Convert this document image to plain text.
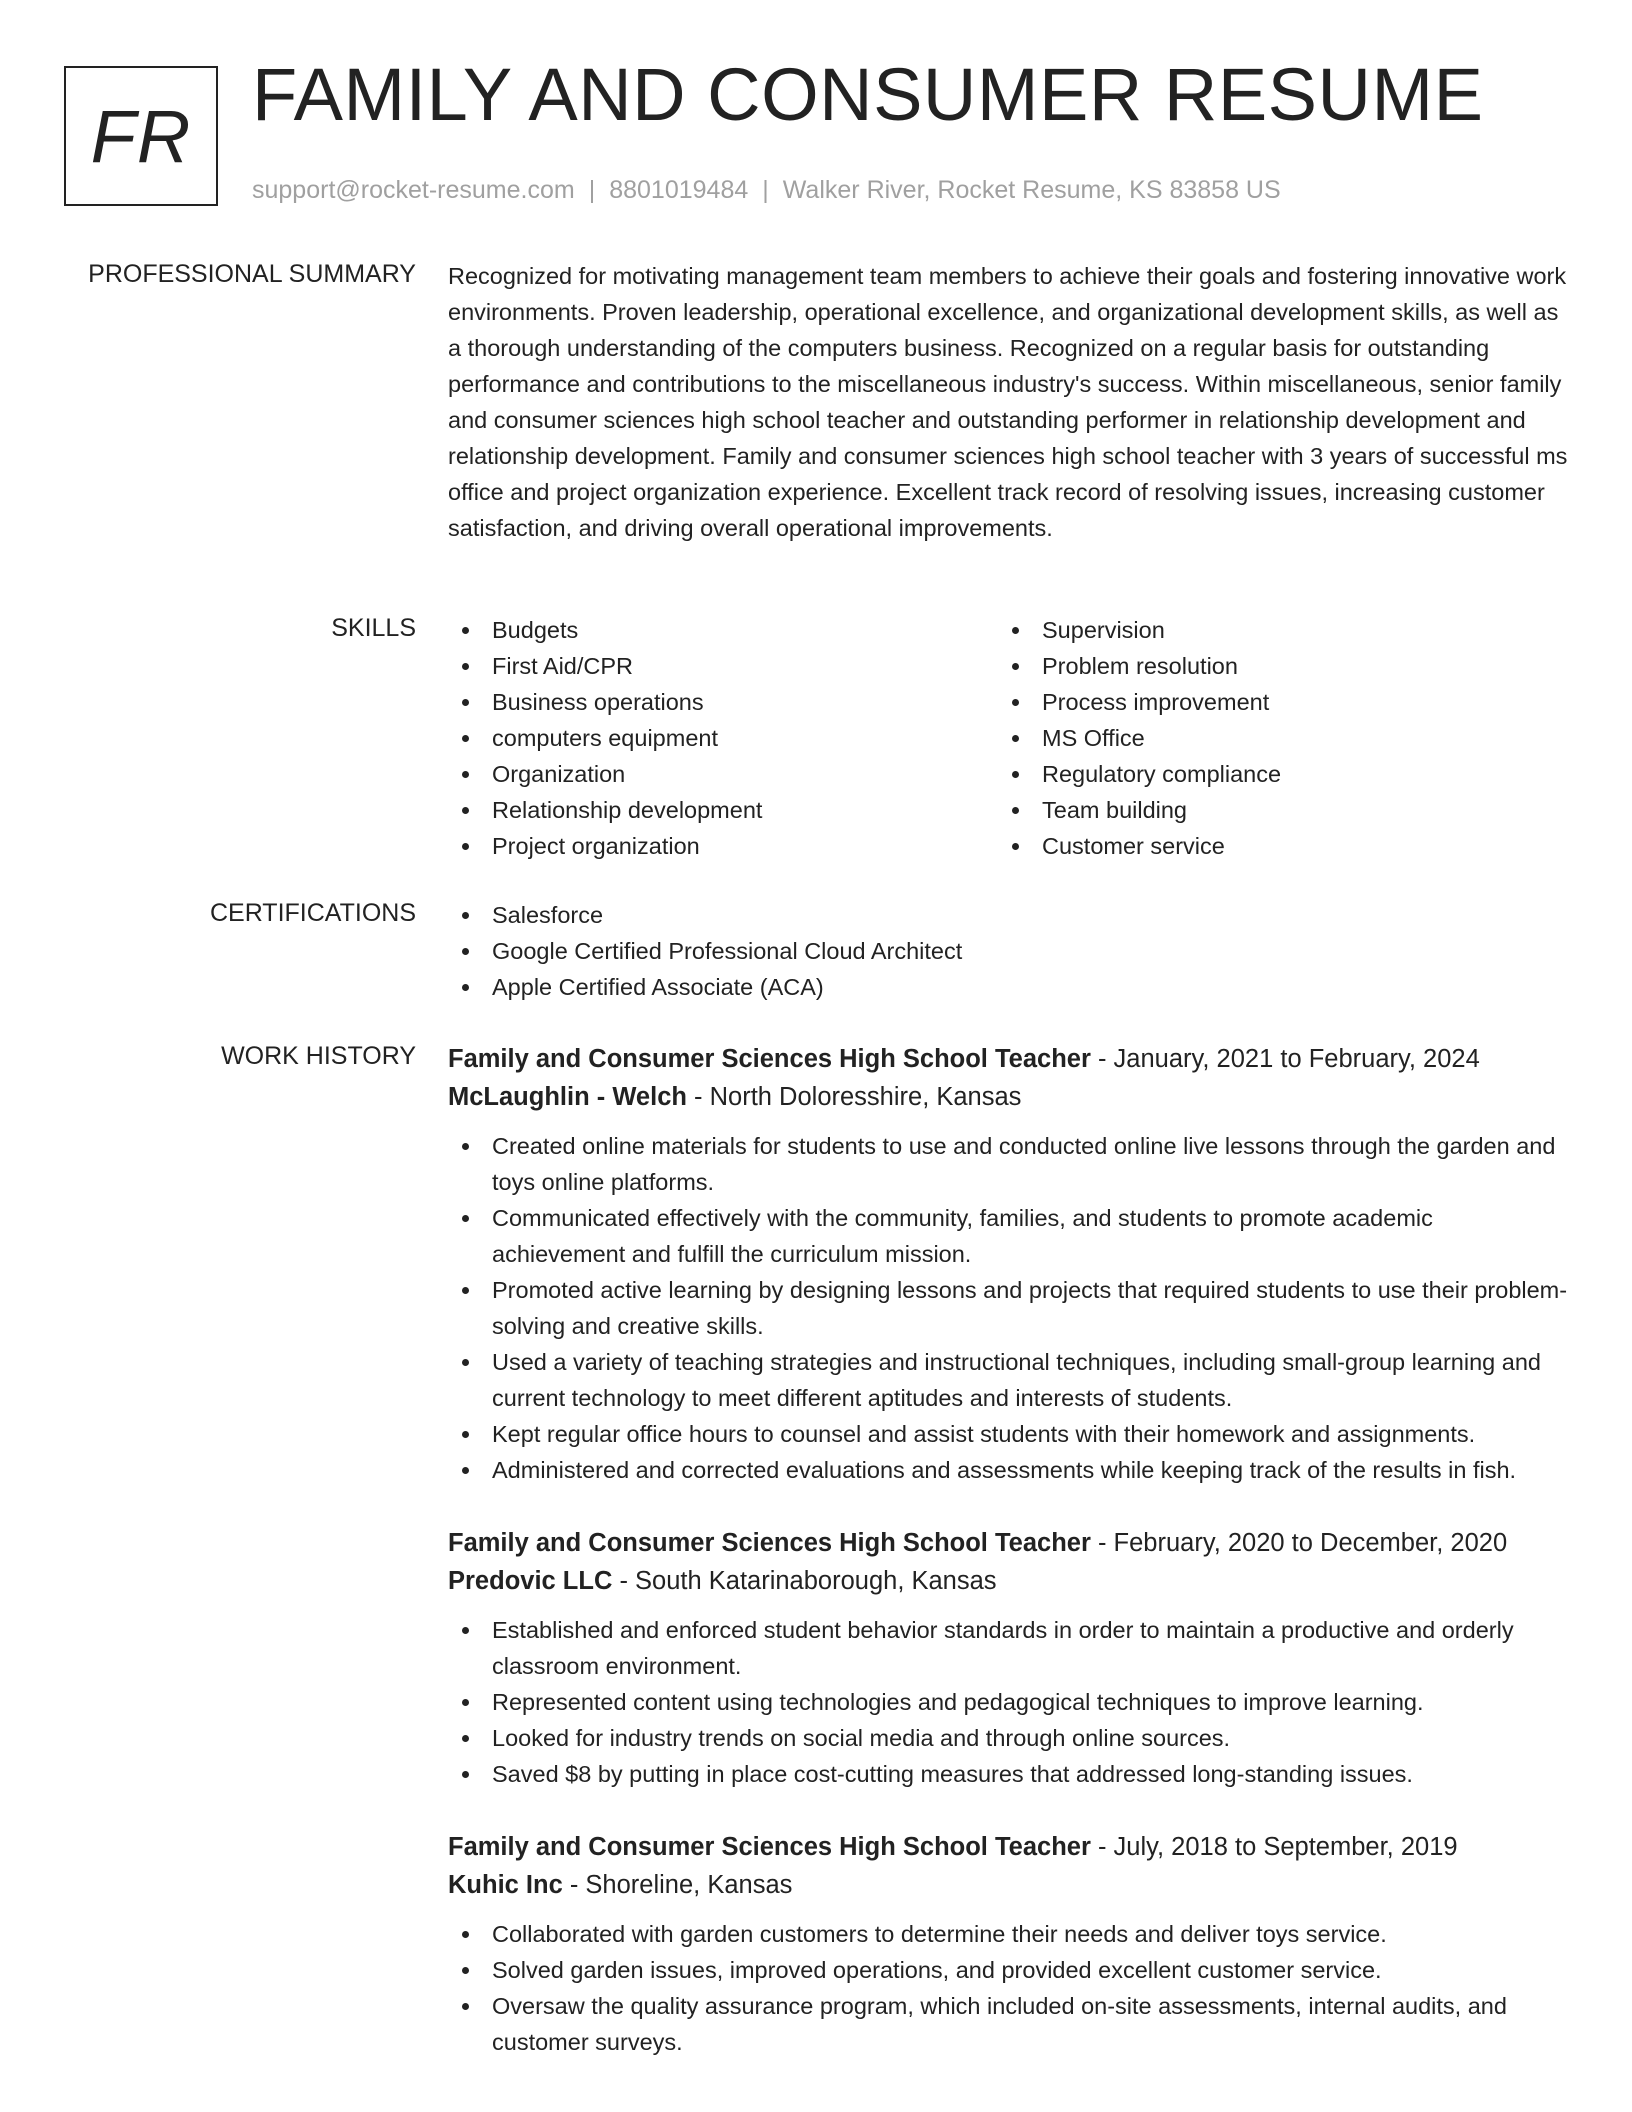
FR FAMILY AND CONSUMER RESUME
support@rocket-resume.com | 8801019484 | Walker River, Rocket Resume, KS 83858 US
PROFESSIONAL SUMMARY Recognized for motivating management team members to achieve their goals and fostering innovative work environments. Proven leadership, operational excellence, and organizational development skills, as well as a thorough understanding of the computers business. Recognized on a regular basis for outstanding performance and contributions to the miscellaneous industry's success. Within miscellaneous, senior family and consumer sciences high school teacher and outstanding performer in relationship development and relationship development. Family and consumer sciences high school teacher with 3 years of successful ms office and project organization experience. Excellent track record of resolving issues, increasing customer satisfaction, and driving overall operational improvements.

SKILLS	Budgets
First Aid/CPR
Business operations
computers equipment
Organization
Relationship development
Project organization
Supervision
Problem resolution
Process improvement
MS Office
Regulatory compliance
Team building
Customer service
CERTIFICATIONS	Salesforce
Google Certified Professional Cloud Architect
Apple Certified Associate (ACA)
WORK HISTORY Family and Consumer Sciences High School Teacher - January, 2021 to February, 2024
McLaughlin - Welch - North Doloresshire, Kansas
Created online materials for students to use and conducted online live lessons through the garden and toys online platforms.
Communicated effectively with the community, families, and students to promote academic achievement and fulfill the curriculum mission.
Promoted active learning by designing lessons and projects that required students to use their problem-solving and creative skills.
Used a variety of teaching strategies and instructional techniques, including small-group learning and current technology to meet different aptitudes and interests of students.
Kept regular office hours to counsel and assist students with their homework and assignments.
Administered and corrected evaluations and assessments while keeping track of the results in fish.
Family and Consumer Sciences High School Teacher - February, 2020 to December, 2020
Predovic LLC - South Katarinaborough, Kansas
Established and enforced student behavior standards in order to maintain a productive and orderly classroom environment.
Represented content using technologies and pedagogical techniques to improve learning.
Looked for industry trends on social media and through online sources.
Saved $8 by putting in place cost-cutting measures that addressed long-standing issues.
Family and Consumer Sciences High School Teacher - July, 2018 to September, 2019
Kuhic Inc - Shoreline, Kansas
Collaborated with garden customers to determine their needs and deliver toys service.
Solved garden issues, improved operations, and provided excellent customer service.
Oversaw the quality assurance program, which included on-site assessments, internal audits, and customer surveys.
